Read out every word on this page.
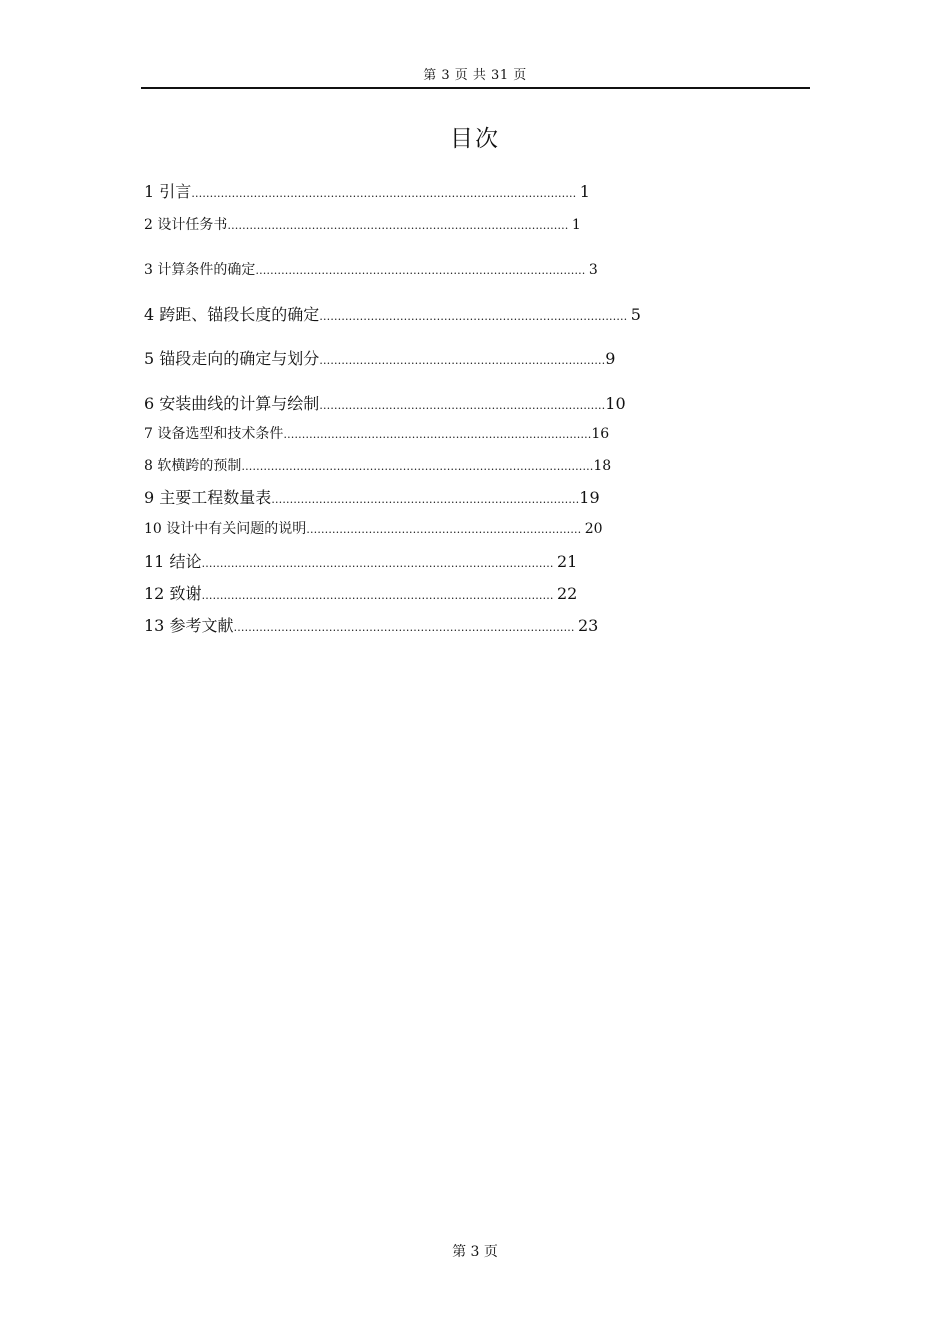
第 3 页 共 31 页
目次
1 引言…………………………………………………………………………………………… 1
2 设计任务书………………………………………………………………………………… 1
3 计算条件的确定……………………………………………………………………………… 3
4 跨距、锚段长度的确定………………………………………………………………………… 5
5 锚段走向的确定与划分……………………………………………………………………9
6 安装曲线的计算与绘制……………………………………………………………………10
7 设备选型和技术条件…………………………………………………………………………16
8 软横跨的预制……………………………………………………………………………………18
9 主要工程数量表…………………………………………………………………………19
10 设计中有关问题的说明………………………………………………………………… 20
11 结论…………………………………………………………………………………… 21
12 致谢…………………………………………………………………………………… 22
13 参考文献………………………………………………………………………………… 23
第 3 页
